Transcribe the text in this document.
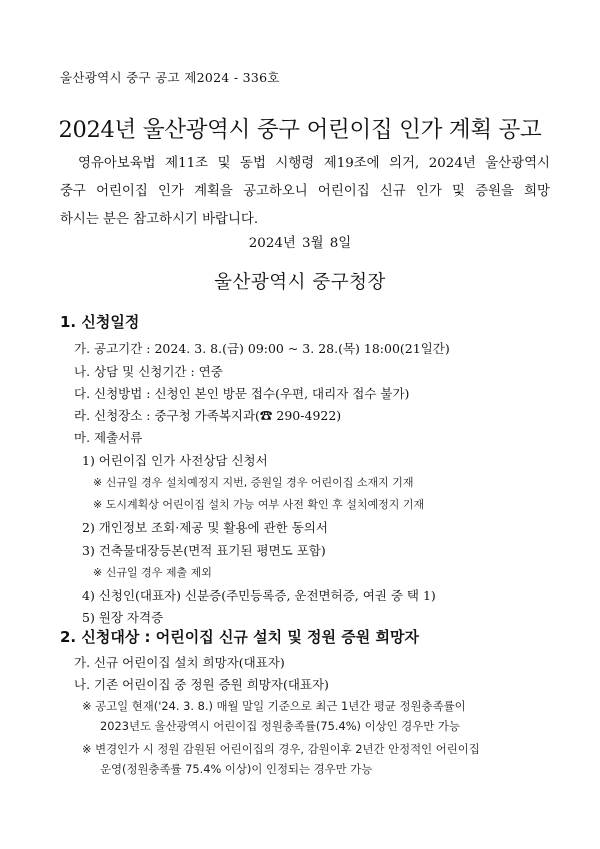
울산광역시 중구 공고 제2024 - 336호
2024년 울산광역시 중구 어린이집 인가 계획 공고
영유아보육법 제11조 및 동법 시행령 제19조에 의거, 2024년 울산광역시
중구 어린이집 인가 계획을 공고하오니 어린이집 신규 인가 및 증원을 희망
하시는 분은 참고하시기 바랍니다.
2024년 3월 8일
울산광역시 중구청장
1. 신청일정
가. 공고기간 : 2024. 3. 8.(금) 09:00 ~ 3. 28.(목) 18:00(21일간)
나. 상담 및 신청기간 : 연중
다. 신청방법 : 신청인 본인 방문 접수(우편, 대리자 접수 불가)
라. 신청장소 : 중구청 가족복지과(☎ 290-4922)
마. 제출서류
1) 어린이집 인가 사전상담 신청서
※ 신규일 경우 설치예정지 지번, 증원일 경우 어린이집 소재지 기재
※ 도시계획상 어린이집 설치 가능 여부 사전 확인 후 설치예정지 기재
2) 개인정보 조회·제공 및 활용에 관한 동의서
3) 건축물대장등본(면적 표기된 평면도 포함)
※ 신규일 경우 제출 제외
4) 신청인(대표자) 신분증(주민등록증, 운전면허증, 여권 중 택 1)
5) 원장 자격증
2. 신청대상 : 어린이집 신규 설치 및 정원 증원 희망자
가. 신규 어린이집 설치 희망자(대표자)
나. 기존 어린이집 중 정원 증원 희망자(대표자)
※ 공고일 현재('24. 3. 8.) 매월 말일 기준으로 최근 1년간 평균 정원충족률이
2023년도 울산광역시 어린이집 정원충족률(75.4%) 이상인 경우만 가능
※ 변경인가 시 정원 감원된 어린이집의 경우, 감원이후 2년간 안정적인 어린이집
운영(정원충족률 75.4% 이상)이 인정되는 경우만 가능
